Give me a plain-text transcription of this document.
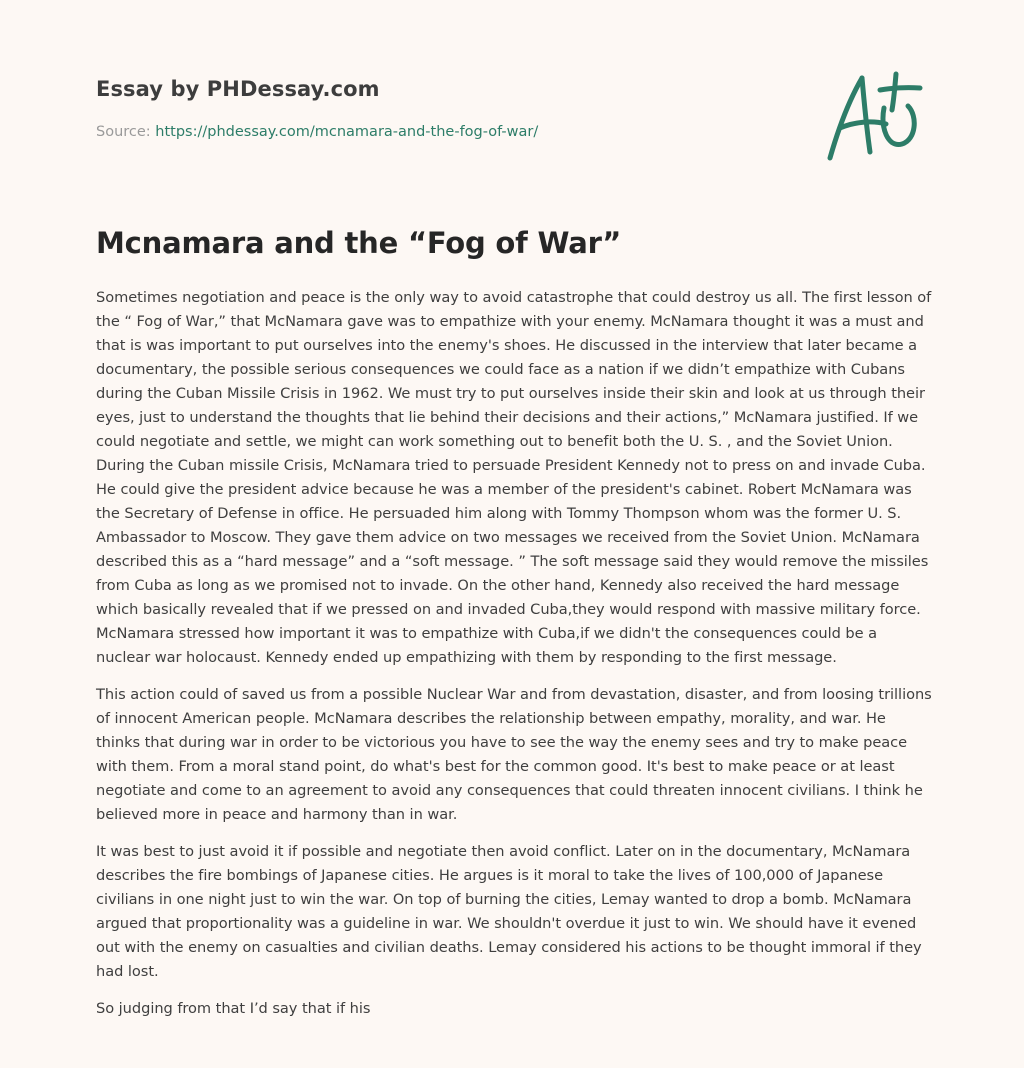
Essay by PHDessay.com
Source: https://phdessay.com/mcnamara-and-the-fog-of-war/
Mcnamara and the “Fog of War”

Sometimes negotiation and peace is the only way to avoid catastrophe that could destroy us all. The first lesson of the “ Fog of War,” that McNamara gave was to empathize with your enemy. McNamara thought it was a must and that is was important to put ourselves into the enemy's shoes. He discussed in the interview that later became a documentary, the possible serious consequences we could face as a nation if we didn’t empathize with Cubans during the Cuban Missile Crisis in 1962. We must try to put ourselves inside their skin and look at us through their eyes, just to understand the thoughts that lie behind their decisions and their actions,” McNamara justified. If we could negotiate and settle, we might can work something out to benefit both the U. S. , and the Soviet Union. During the Cuban missile Crisis, McNamara tried to persuade President Kennedy not to press on and invade Cuba. He could give the president advice because he was a member of the president's cabinet. Robert McNamara was the Secretary of Defense in office. He persuaded him along with Tommy Thompson whom was the former U. S. Ambassador to Moscow. They gave them advice on two messages we received from the Soviet Union. McNamara described this as a “hard message” and a “soft message. ” The soft message said they would remove the missiles from Cuba as long as we promised not to invade. On the other hand, Kennedy also received the hard message which basically revealed that if we pressed on and invaded Cuba,they would respond with massive military force. McNamara stressed how important it was to empathize with Cuba,if we didn't the consequences could be a nuclear war holocaust. Kennedy ended up empathizing with them by responding to the first message.

This action could of saved us from a possible Nuclear War and from devastation, disaster, and from loosing trillions of innocent American people. McNamara describes the relationship between empathy, morality, and war. He thinks that during war in order to be victorious you have to see the way the enemy sees and try to make peace with them. From a moral stand point, do what's best for the common good. It's best to make peace or at least negotiate and come to an agreement to avoid any consequences that could threaten innocent civilians. I think he believed more in peace and harmony than in war.

It was best to just avoid it if possible and negotiate then avoid conflict. Later on in the documentary, McNamara describes the fire bombings of Japanese cities. He argues is it moral to take the lives of 100,000 of Japanese civilians in one night just to win the war. On top of burning the cities, Lemay wanted to drop a bomb. McNamara argued that proportionality was a guideline in war. We shouldn't overdue it just to win. We should have it evened out with the enemy on casualties and civilian deaths. Lemay considered his actions to be thought immoral if they had lost.

So judging from that I’d say that if his
